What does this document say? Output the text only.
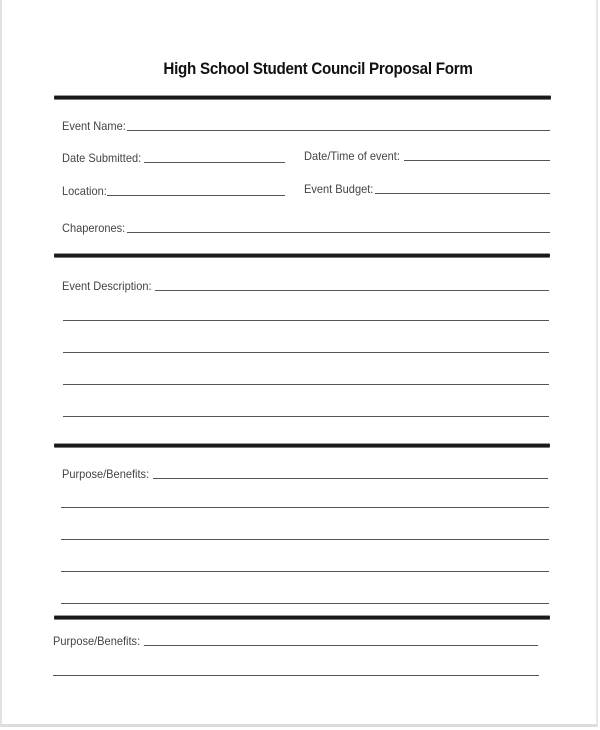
High School Student Council Proposal Form
Event Name:
Date Submitted:	Date/Time of event:
Location:	Event Budget:
Chaperones:
Event Description:
Purpose/Benefits:
Purpose/Benefits:
